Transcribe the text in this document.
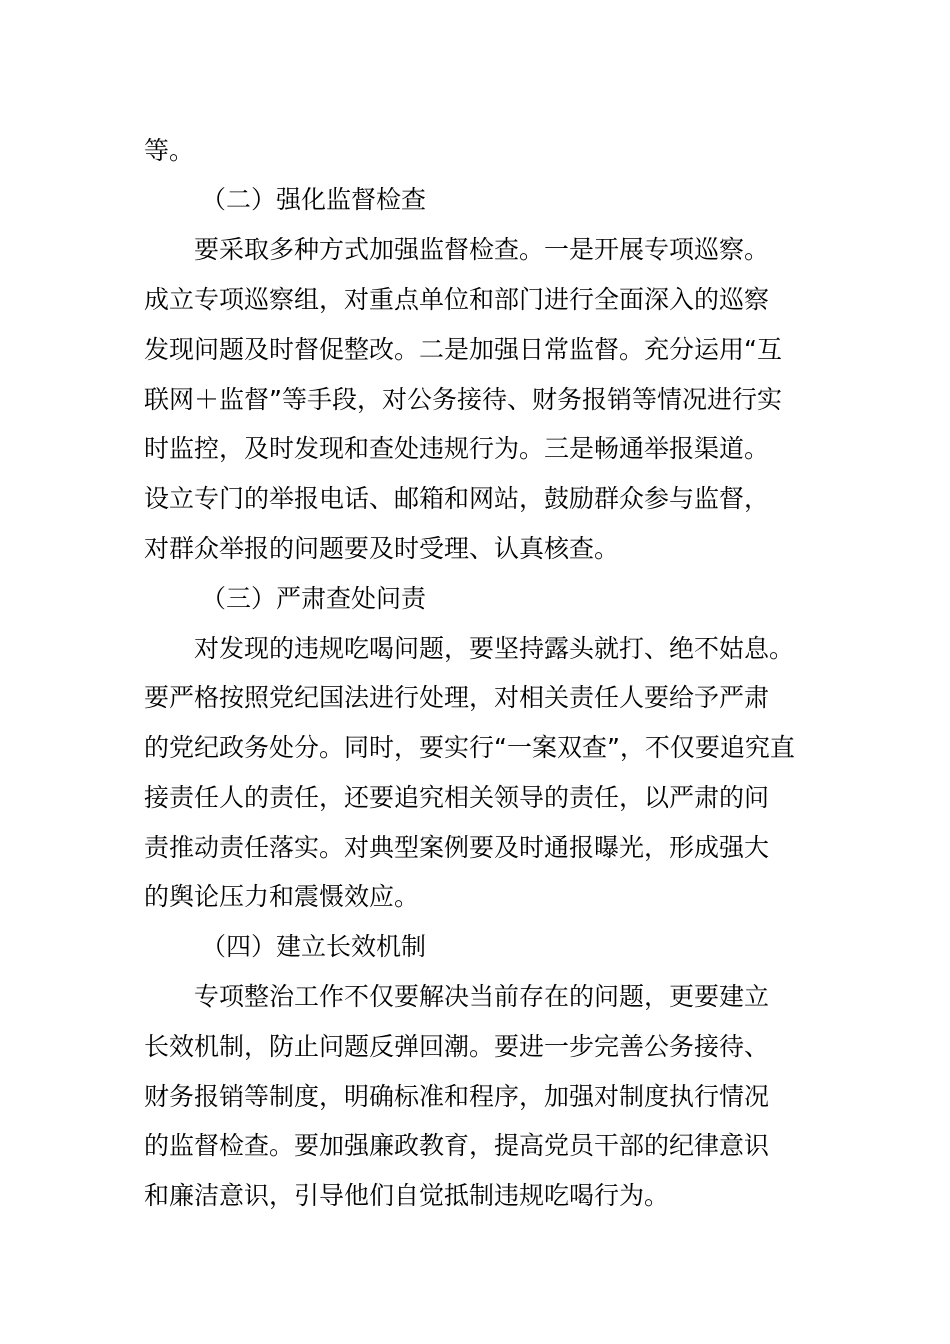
等。
（二）强化监督检查
要采取多种方式加强监督检查。一是开展专项巡察。
成立专项巡察组，对重点单位和部门进行全面深入的巡察
发现问题及时督促整改。二是加强日常监督。充分运用“互
联网＋监督”等手段，对公务接待、财务报销等情况进行实
时监控，及时发现和查处违规行为。三是畅通举报渠道。
设立专门的举报电话、邮箱和网站，鼓励群众参与监督，
对群众举报的问题要及时受理、认真核查。
（三）严肃查处问责
对发现的违规吃喝问题，要坚持露头就打、绝不姑息。
要严格按照党纪国法进行处理，对相关责任人要给予严肃
的党纪政务处分。同时，要实行“一案双查”，不仅要追究直
接责任人的责任，还要追究相关领导的责任，以严肃的问
责推动责任落实。对典型案例要及时通报曝光，形成强大
的舆论压力和震慑效应。
（四）建立长效机制
专项整治工作不仅要解决当前存在的问题，更要建立
长效机制，防止问题反弹回潮。要进一步完善公务接待、
财务报销等制度，明确标准和程序，加强对制度执行情况
的监督检查。要加强廉政教育，提高党员干部的纪律意识
和廉洁意识，引导他们自觉抵制违规吃喝行为。
